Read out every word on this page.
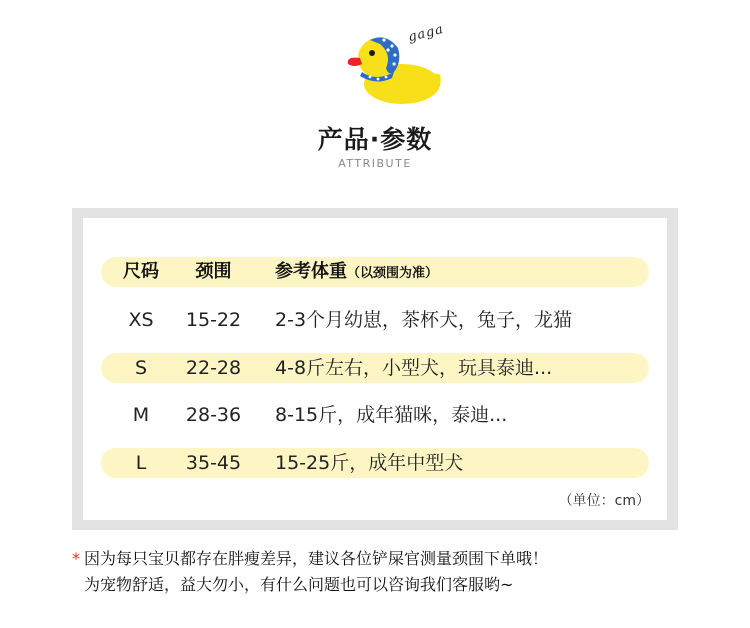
gaga
产品·参数
ATTRIBUTE
尺码	颈围	参考体重（以颈围为准）
XS	15-22 2-3个月幼崽，茶杯犬，兔子，龙猫
S	22-28 4-8斤左右，小型犬，玩具泰迪...
M	28-36 8-15斤，成年猫咪，泰迪...
L	35-45 15-25斤，成年中型犬
（单位：cm）
* 因为每只宝贝都存在胖瘦差异，建议各位铲屎官测量颈围下单哦！
为宠物舒适，益大勿小，有什么问题也可以咨询我们客服哟~
